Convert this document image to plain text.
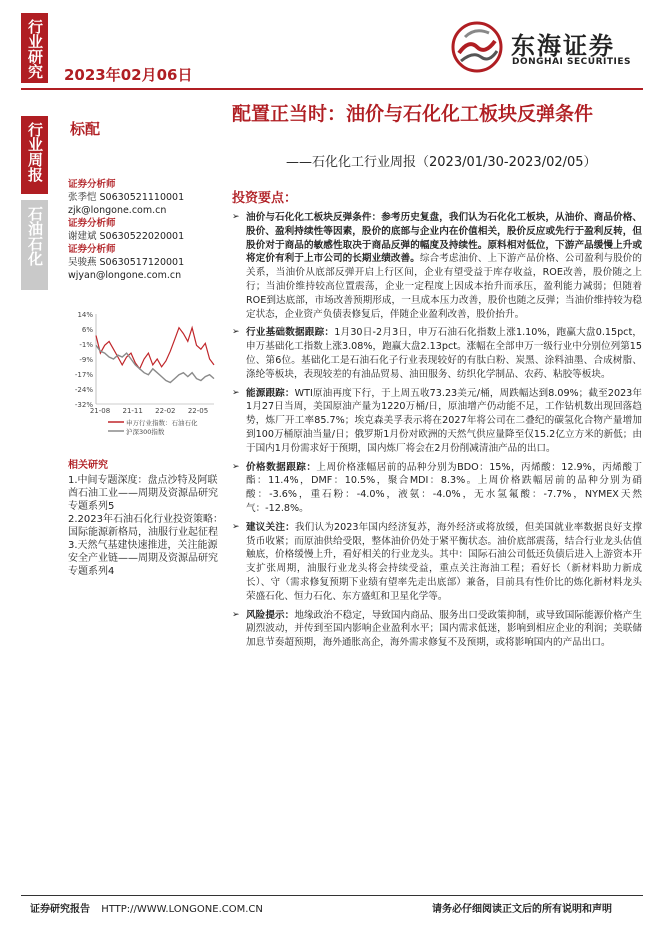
行业研究
行业周报
石油石化
2023年02月06日
东海证券
DONGHAI SECURITIES
标配
配置正当时：油价与石化化工板块反弹条件
——石化化工行业周报（2023/01/30-2023/02/05）
证券分析师
张季恺 S0630521110001
zjk@longone.com.cn
证券分析师
谢建斌 S0630522020001
证券分析师
吴骏燕 S0630517120001
wjyan@longone.com.cn
14%
6%
-1%
-9%
-17%
-24%
-32%
21-08 21-11 22-02 22-05
申万行业指数：石油石化
沪深300指数
相关研究
1.中间专题深度：盘点沙特及阿联酋石油工业——周期及资源品研究专题系列5
2.2023年石油石化行业投资策略：国际能源新格局，油服行业起征程
3.天然气基建快速推进，关注能源安全产业链——周期及资源品研究专题系列4
投资要点：
➢ 油价与石化化工板块反弹条件：参考历史复盘，我们认为石化化工板块，从油价、商品价格、股价、盈利持续性等因素，股价的底部与企业内在价值相关，股价反应或先行于盈利反转，但股价对于商品的敏感性取决于商品反弹的幅度及持续性。原料相对低位，下游产品缓慢上升或将定价有利于上市公司的长期业绩改善。综合考虑油价、上下游产品价格、公司盈利与股价的关系，当油价从底部反弹开启上行区间，企业有望受益于库存收益，ROE改善，股价随之上行；当油价维持较高位置震荡，企业一定程度上因成本抬升而承压，盈利能力减弱；但随着ROE到达底部，市场改善预期形成，一旦成本压力改善，股价也随之反弹；当油价维持较为稳定状态，企业资产负债表修复后，伴随企业盈利改善，股价抬升。
➢ 行业基础数据跟踪：1月30日-2月3日，申万石油石化指数上涨1.10%，跑赢大盘0.15pct，申万基础化工指数上涨3.08%，跑赢大盘2.13pct。涨幅在全部申万一级行业中分别位列第15位、第6位。基础化工是石油石化子行业表现较好的有肽白粉、炭黑、涂料油墨、合成树脂、涤纶等板块，表现较差的有油品贸易、油田服务、纺织化学制品、农药、粘胶等板块。
➢ 能源跟踪：WTI原油再度下行，于上周五收73.23美元/桶，周跌幅达到8.09%；截至2023年1月27日当周，美国原油产量为1220万桶/日，原油增产仍动能不足，工作钻机数出现回落趋势，炼厂开工率85.7%；埃克森美孚表示将在2027年将公司在二叠纪的碳氢化合物产量增加到100万桶原油当量/日；俄罗斯1月份对欧洲的天然气供应量降至仅15.2亿立方米的新低；由于国内1月份需求好于预期，国内炼厂将会在2月份削减清油产品的出口。
➢ 价格数据跟踪：上周价格涨幅居前的品种分别为BDO：15%，丙烯酸：12.9%，丙烯酸丁酯：11.4%，DMF：10.5%，聚合MDI：8.3%。上周价格跌幅居前的品种分别为硝酸：-3.6%，重石粉：-4.0%，液氨：-4.0%，无水氢氟酸：-7.7%，NYMEX天然气：-12.8%。
➢ 建议关注：我们认为2023年国内经济复苏，海外经济或将放缓，但美国就业率数据良好支撑货币收紧；而原油供给受限，整体油价仍处于紧平衡状态。油价底部震荡，结合行业龙头估值触底，价格缓慢上升，看好相关的行业龙头。其中：国际石油公司低还负债后进入上游资本开支扩张周期，油服行业龙头将会持续受益，重点关注海油工程；看好长（新材料助力新成长）、守（需求修复预期下业绩有望率先走出底部）兼备，目前具有性价比的炼化新材料龙头荣盛石化、恒力石化、东方盛虹和卫星化学等。
➢ 风险提示：地缘政治不稳定，导致国内商品、服务出口受政策抑制，或导致国际能源价格产生剧烈波动，并传到至国内影响企业盈利水平；国内需求低迷，影响到相应企业的利润；美联储加息节奏超预期，海外通胀高企，海外需求修复不及预期，或将影响国内的产品出口。
证券研究报告 HTTP://WWW.LONGONE.COM.CN	请务必仔细阅读正文后的所有说明和声明
